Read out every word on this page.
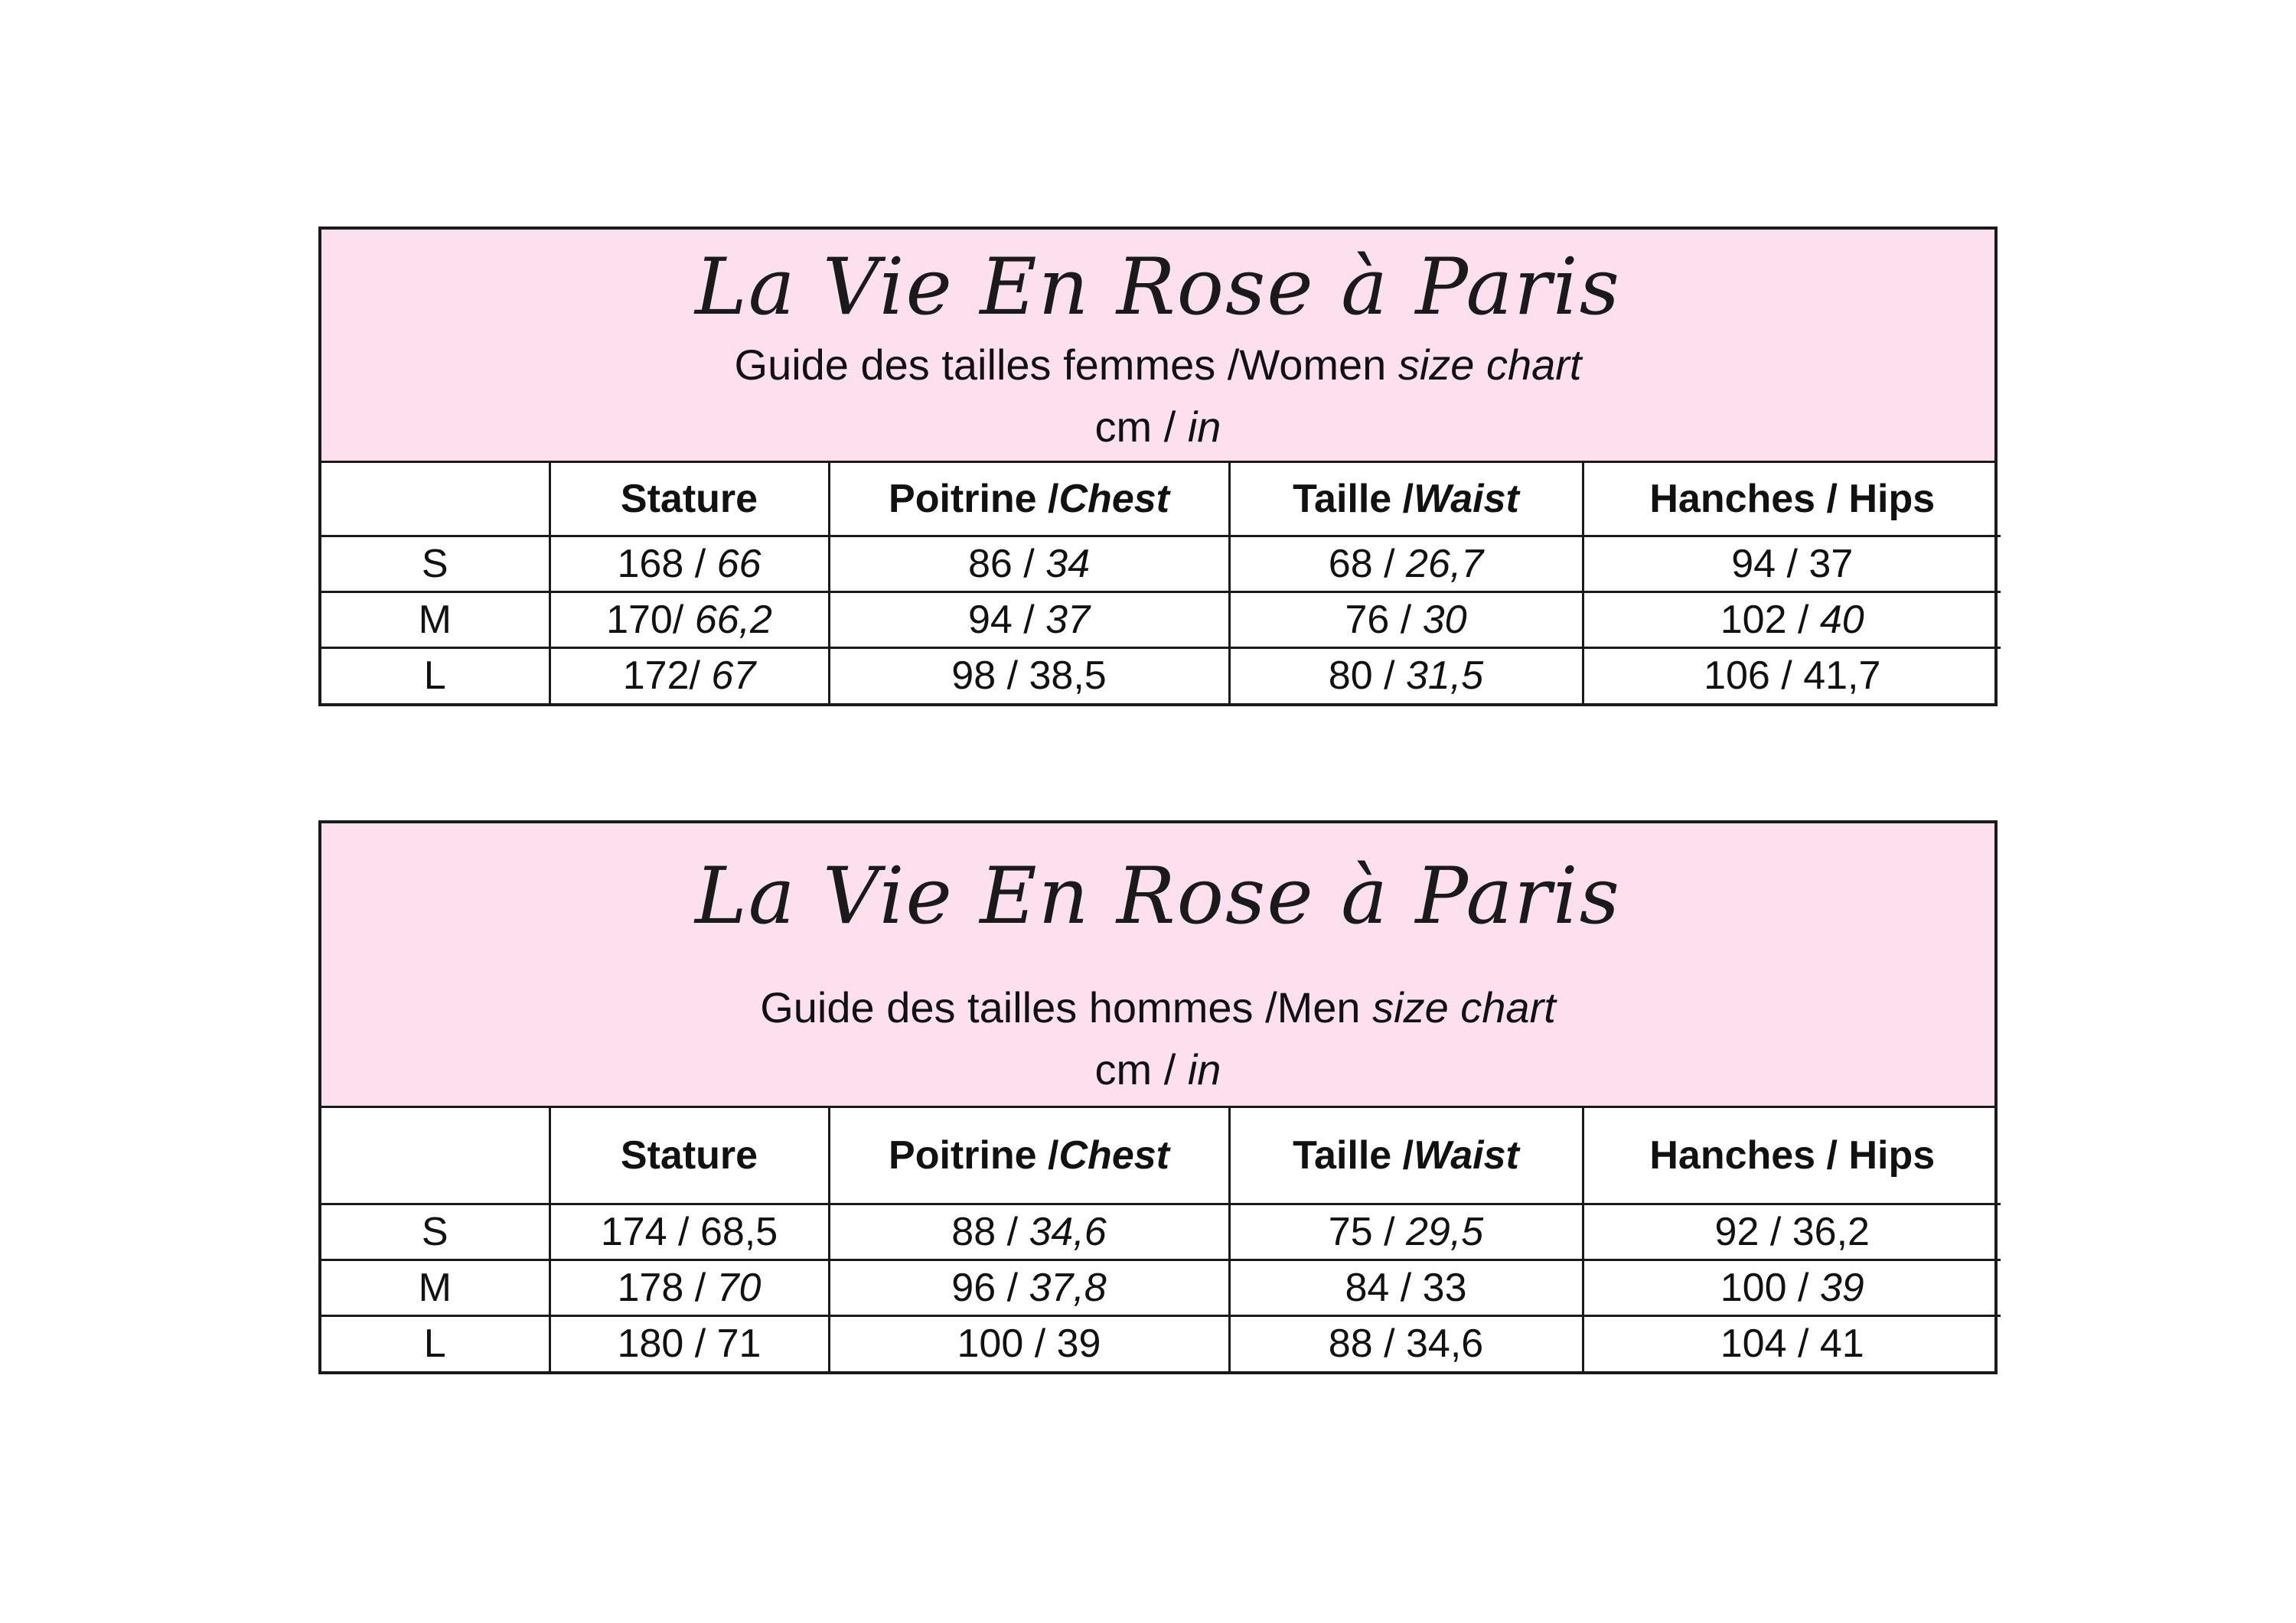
La Vie En Rose à Paris
Guide des tailles femmes /Women size chart
cm / in
	Stature	Poitrine /Chest	Taille /Waist	Hanches / Hips
S	168 / 66	86 / 34	68 / 26,7	94 / 37
M	170/ 66,2	94 / 37	76 / 30	102 / 40
L	172/ 67	98 / 38,5	80 / 31,5	106 / 41,7
La Vie En Rose à Paris
Guide des tailles hommes /Men size chart
cm / in
	Stature	Poitrine /Chest	Taille /Waist	Hanches / Hips
S	174 / 68,5	88 / 34,6	75 / 29,5	92 / 36,2
M	178 / 70	96 / 37,8	84 / 33	100 / 39
L	180 / 71	100 / 39	88 / 34,6	104 / 41
